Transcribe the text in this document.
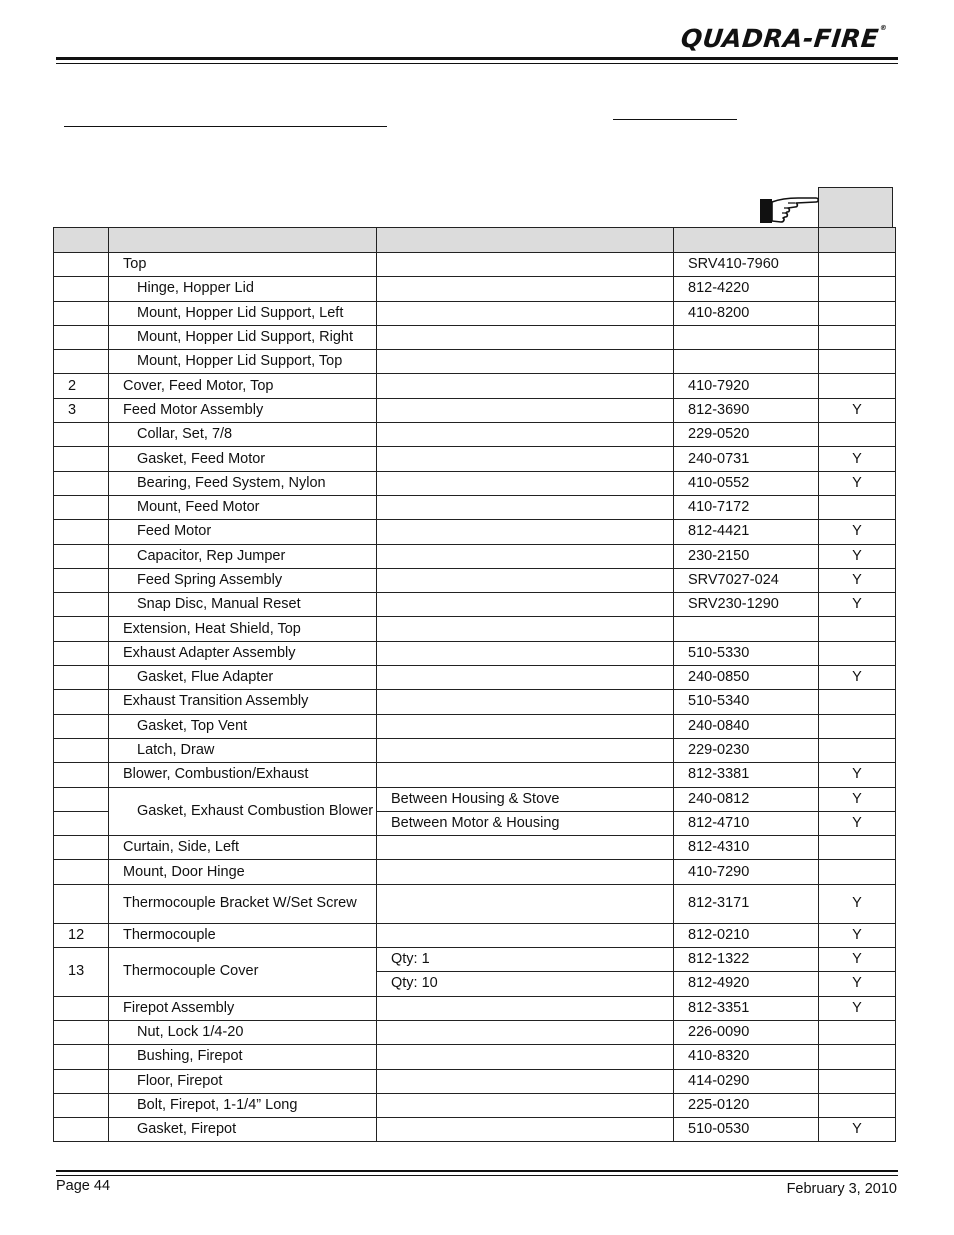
QUADRA-FIRE®

	Top		SRV410-7960	
	Hinge, Hopper Lid		812-4220	
	Mount, Hopper Lid Support, Left		410-8200	
	Mount, Hopper Lid Support, Right			
	Mount, Hopper Lid Support, Top			
2	Cover, Feed Motor, Top		410-7920	
3	Feed Motor Assembly		812-3690	Y
	Collar, Set, 7/8		229-0520	
	Gasket, Feed Motor		240-0731	Y
	Bearing, Feed System, Nylon		410-0552	Y
	Mount, Feed Motor		410-7172	
	Feed Motor		812-4421	Y
	Capacitor, Rep Jumper		230-2150	Y
	Feed Spring Assembly		SRV7027-024	Y
	Snap Disc, Manual Reset		SRV230-1290	Y
	Extension, Heat Shield, Top			
	Exhaust Adapter Assembly		510-5330	
	Gasket, Flue Adapter		240-0850	Y
	Exhaust Transition Assembly		510-5340	
	Gasket, Top Vent		240-0840	
	Latch, Draw		229-0230	
	Blower, Combustion/Exhaust		812-3381	Y
	Gasket, Exhaust Combustion Blower	Between Housing & Stove	240-0812	Y
		Between Motor & Housing	812-4710	Y
	Curtain, Side, Left		812-4310	
	Mount, Door Hinge		410-7290	
	Thermocouple Bracket W/Set Screw		812-3171	Y
12	Thermocouple		812-0210	Y
13	Thermocouple Cover	Qty: 1	812-1322	Y
		Qty: 10	812-4920	Y
	Firepot Assembly		812-3351	Y
	Nut, Lock 1/4-20		226-0090	
	Bushing, Firepot		410-8320	
	Floor, Firepot		414-0290	
	Bolt, Firepot, 1-1/4” Long		225-0120	
	Gasket, Firepot		510-0530	Y
Page 44	February 3, 2010
